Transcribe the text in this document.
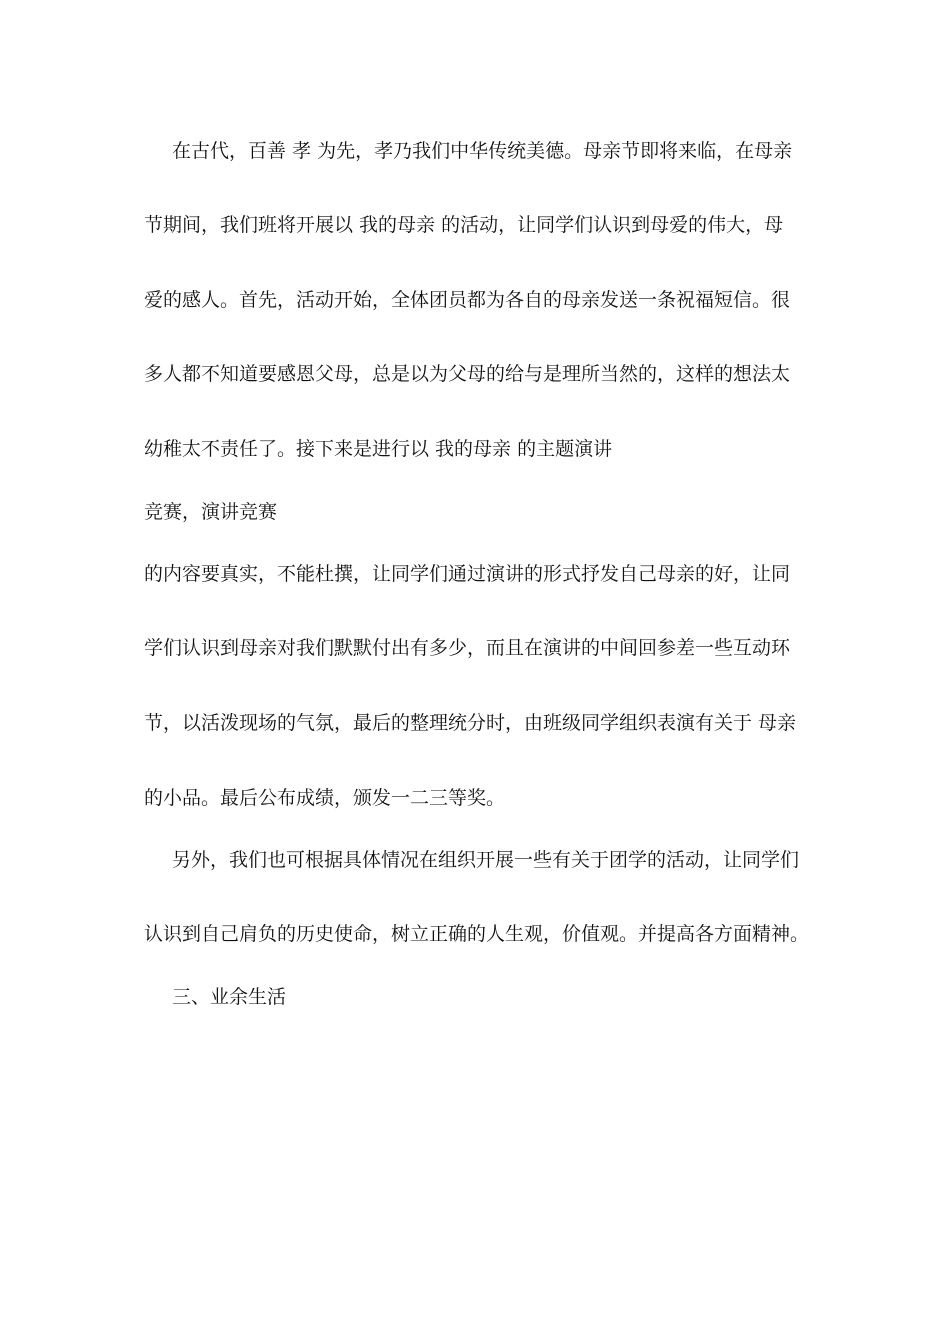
在古代，百善 孝 为先，孝乃我们中华传统美德。母亲节即将来临，在母亲
节期间，我们班将开展以 我的母亲 的活动，让同学们认识到母爱的伟大，母
爱的感人。首先，活动开始，全体团员都为各自的母亲发送一条祝福短信。很
多人都不知道要感恩父母，总是以为父母的给与是理所当然的，这样的想法太
幼稚太不责任了。接下来是进行以 我的母亲 的主题演讲
竞赛，演讲竞赛
的内容要真实，不能杜撰，让同学们通过演讲的形式抒发自己母亲的好，让同
学们认识到母亲对我们默默付出有多少，而且在演讲的中间回参差一些互动环
节，以活泼现场的气氛，最后的整理统分时，由班级同学组织表演有关于 母亲
的小品。最后公布成绩，颁发一二三等奖。
另外，我们也可根据具体情况在组织开展一些有关于团学的活动，让同学们
认识到自己肩负的历史使命，树立正确的人生观，价值观。并提高各方面精神。
三、业余生活
